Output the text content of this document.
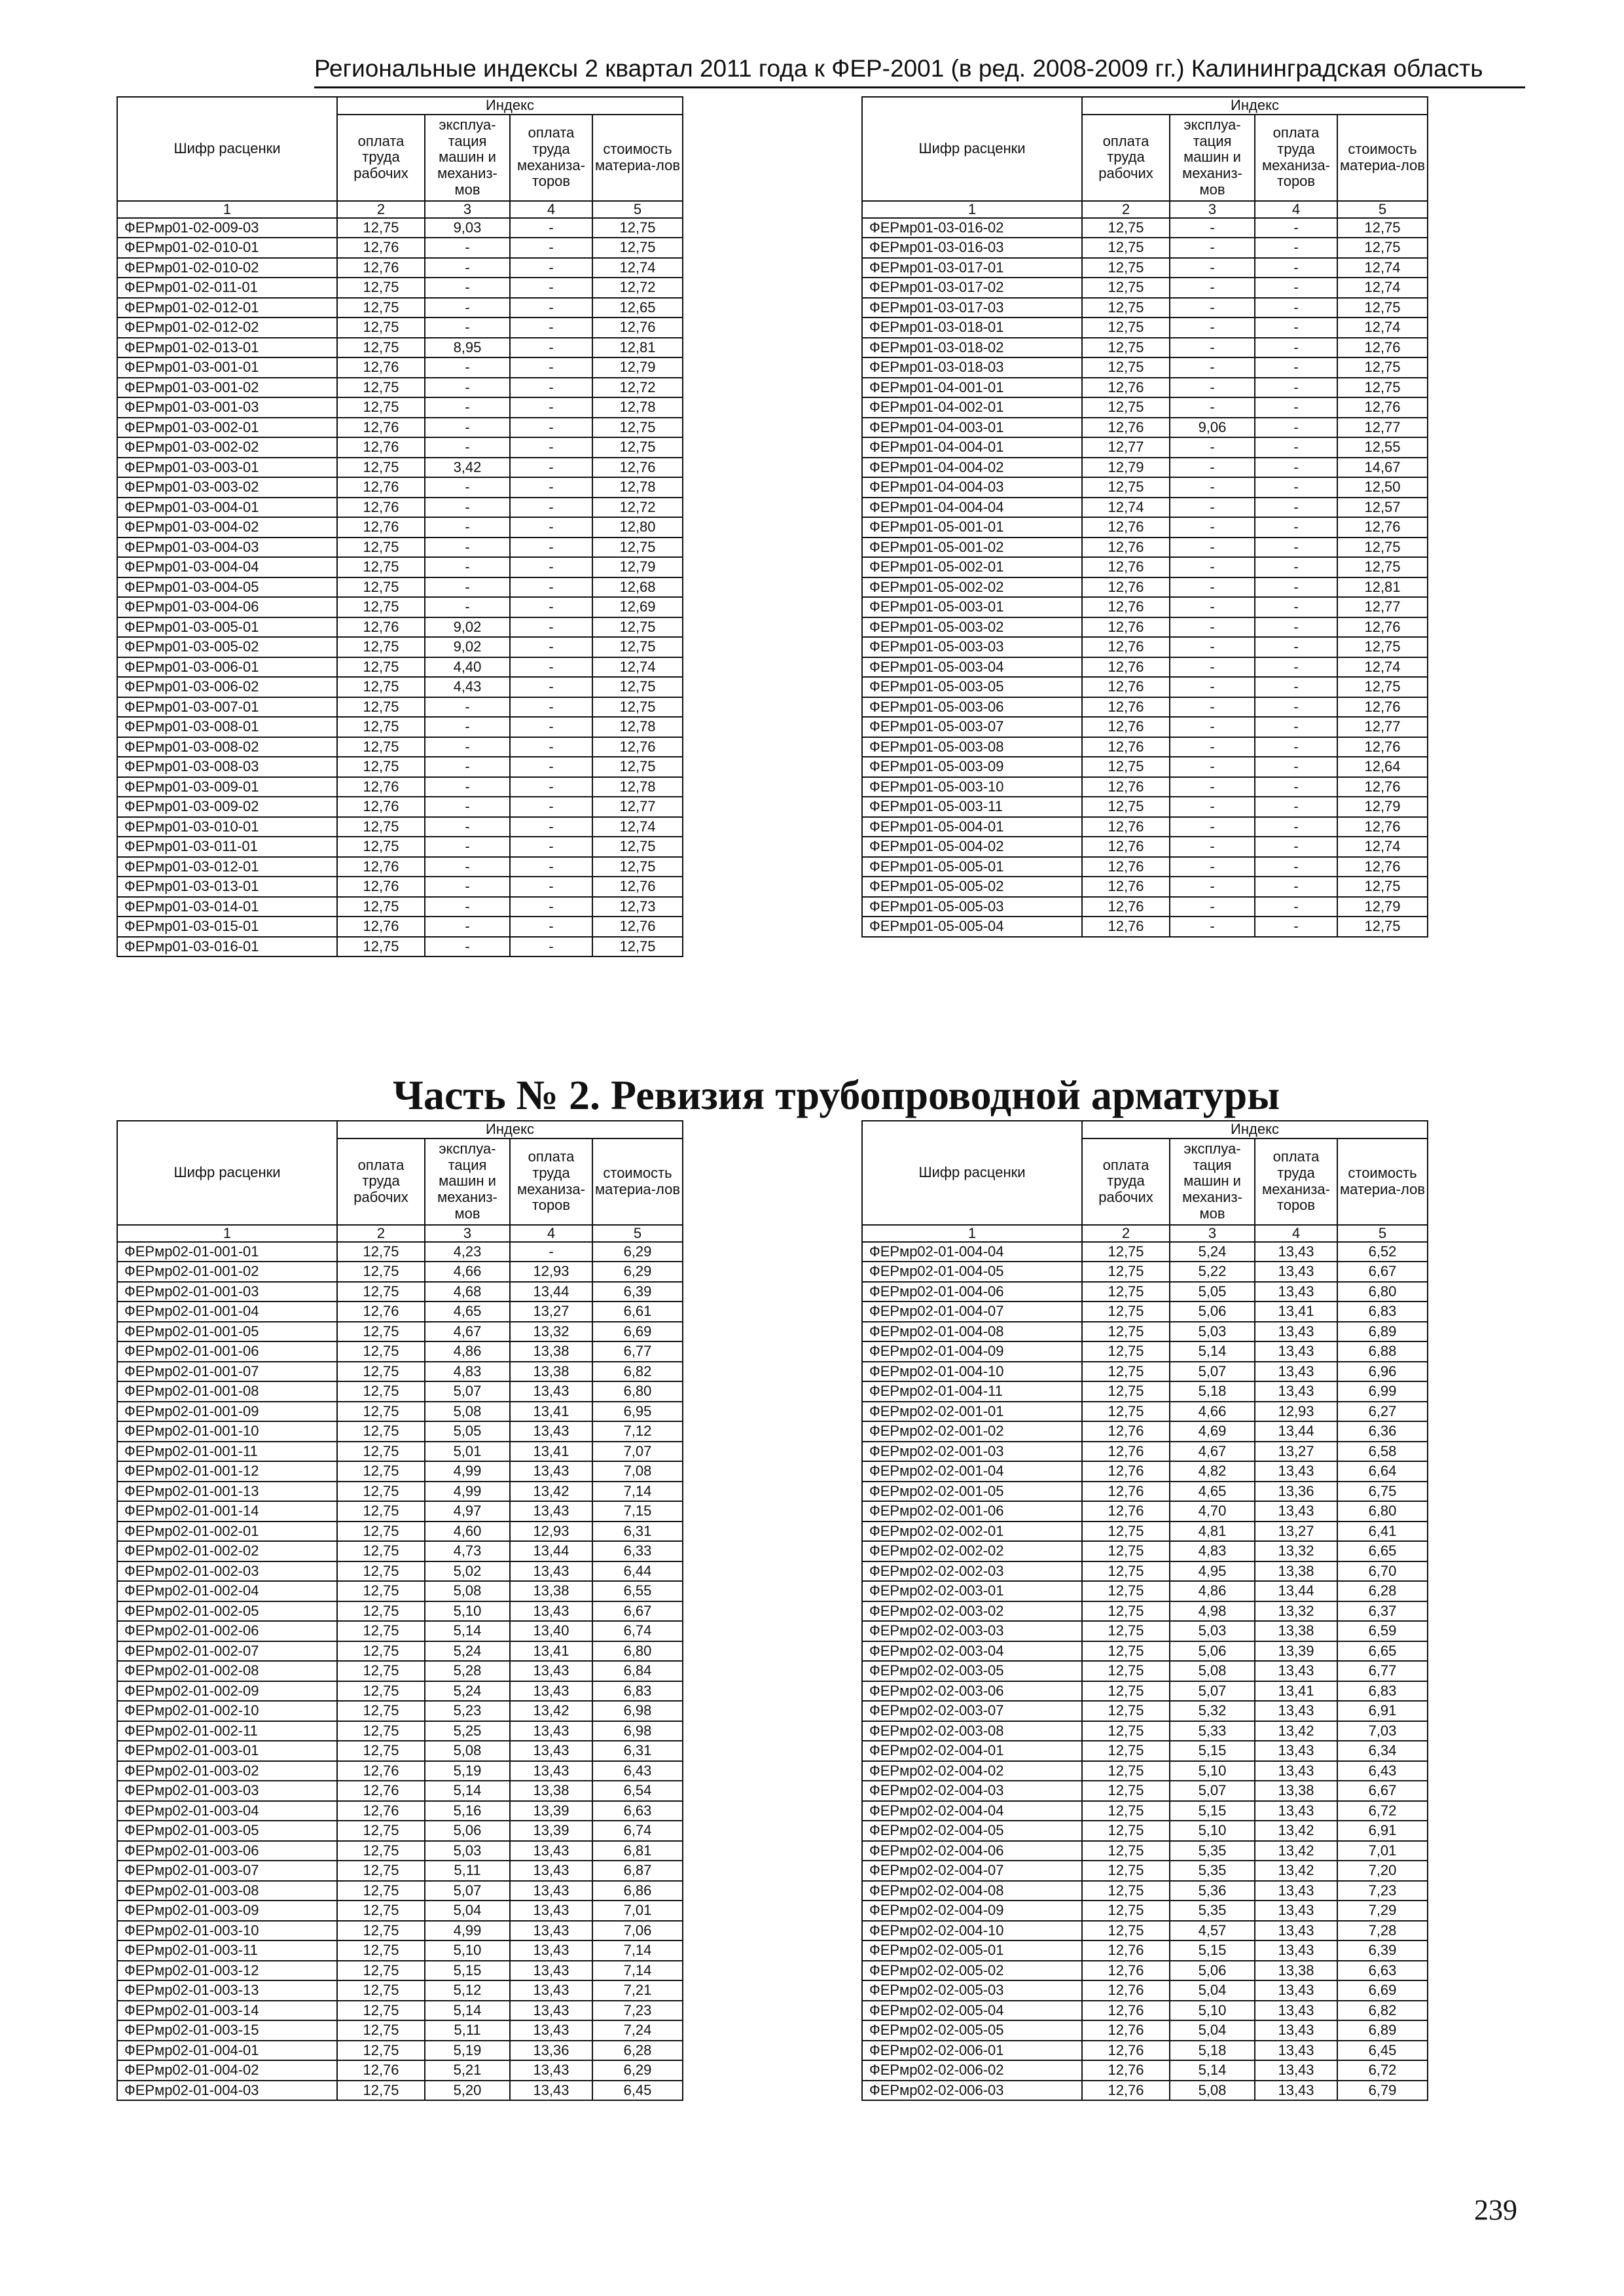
Региональные индексы 2 квартал 2011 года к ФЕР-2001 (в ред. 2008-2009 гг.) Калининградская область
Шифр расценки	Индекс			
	оплата труда рабочих	эксплуа-тация машин и механиз-мов	оплата труда механиза-торов	стоимость материа-лов
1	2	3	4	5
ФЕРмр01-02-009-03	12,75	9,03	-	12,75
ФЕРмр01-02-010-01	12,76	-	-	12,75
ФЕРмр01-02-010-02	12,76	-	-	12,74
ФЕРмр01-02-011-01	12,75	-	-	12,72
ФЕРмр01-02-012-01	12,75	-	-	12,65
ФЕРмр01-02-012-02	12,75	-	-	12,76
ФЕРмр01-02-013-01	12,75	8,95	-	12,81
ФЕРмр01-03-001-01	12,76	-	-	12,79
ФЕРмр01-03-001-02	12,75	-	-	12,72
ФЕРмр01-03-001-03	12,75	-	-	12,78
ФЕРмр01-03-002-01	12,76	-	-	12,75
ФЕРмр01-03-002-02	12,76	-	-	12,75
ФЕРмр01-03-003-01	12,75	3,42	-	12,76
ФЕРмр01-03-003-02	12,76	-	-	12,78
ФЕРмр01-03-004-01	12,76	-	-	12,72
ФЕРмр01-03-004-02	12,76	-	-	12,80
ФЕРмр01-03-004-03	12,75	-	-	12,75
ФЕРмр01-03-004-04	12,75	-	-	12,79
ФЕРмр01-03-004-05	12,75	-	-	12,68
ФЕРмр01-03-004-06	12,75	-	-	12,69
ФЕРмр01-03-005-01	12,76	9,02	-	12,75
ФЕРмр01-03-005-02	12,75	9,02	-	12,75
ФЕРмр01-03-006-01	12,75	4,40	-	12,74
ФЕРмр01-03-006-02	12,75	4,43	-	12,75
ФЕРмр01-03-007-01	12,75	-	-	12,75
ФЕРмр01-03-008-01	12,75	-	-	12,78
ФЕРмр01-03-008-02	12,75	-	-	12,76
ФЕРмр01-03-008-03	12,75	-	-	12,75
ФЕРмр01-03-009-01	12,76	-	-	12,78
ФЕРмр01-03-009-02	12,76	-	-	12,77
ФЕРмр01-03-010-01	12,75	-	-	12,74
ФЕРмр01-03-011-01	12,75	-	-	12,75
ФЕРмр01-03-012-01	12,76	-	-	12,75
ФЕРмр01-03-013-01	12,76	-	-	12,76
ФЕРмр01-03-014-01	12,75	-	-	12,73
ФЕРмр01-03-015-01	12,76	-	-	12,76
ФЕРмр01-03-016-01	12,75	-	-	12,75
Шифр расценки	Индекс			
	оплата труда рабочих	эксплуа-тация машин и механиз-мов	оплата труда механиза-торов	стоимость материа-лов
1	2	3	4	5
ФЕРмр01-03-016-02	12,75	-	-	12,75
ФЕРмр01-03-016-03	12,75	-	-	12,75
ФЕРмр01-03-017-01	12,75	-	-	12,74
ФЕРмр01-03-017-02	12,75	-	-	12,74
ФЕРмр01-03-017-03	12,75	-	-	12,75
ФЕРмр01-03-018-01	12,75	-	-	12,74
ФЕРмр01-03-018-02	12,75	-	-	12,76
ФЕРмр01-03-018-03	12,75	-	-	12,75
ФЕРмр01-04-001-01	12,76	-	-	12,75
ФЕРмр01-04-002-01	12,75	-	-	12,76
ФЕРмр01-04-003-01	12,76	9,06	-	12,77
ФЕРмр01-04-004-01	12,77	-	-	12,55
ФЕРмр01-04-004-02	12,79	-	-	14,67
ФЕРмр01-04-004-03	12,75	-	-	12,50
ФЕРмр01-04-004-04	12,74	-	-	12,57
ФЕРмр01-05-001-01	12,76	-	-	12,76
ФЕРмр01-05-001-02	12,76	-	-	12,75
ФЕРмр01-05-002-01	12,76	-	-	12,75
ФЕРмр01-05-002-02	12,76	-	-	12,81
ФЕРмр01-05-003-01	12,76	-	-	12,77
ФЕРмр01-05-003-02	12,76	-	-	12,76
ФЕРмр01-05-003-03	12,76	-	-	12,75
ФЕРмр01-05-003-04	12,76	-	-	12,74
ФЕРмр01-05-003-05	12,76	-	-	12,75
ФЕРмр01-05-003-06	12,76	-	-	12,76
ФЕРмр01-05-003-07	12,76	-	-	12,77
ФЕРмр01-05-003-08	12,76	-	-	12,76
ФЕРмр01-05-003-09	12,75	-	-	12,64
ФЕРмр01-05-003-10	12,76	-	-	12,76
ФЕРмр01-05-003-11	12,75	-	-	12,79
ФЕРмр01-05-004-01	12,76	-	-	12,76
ФЕРмр01-05-004-02	12,76	-	-	12,74
ФЕРмр01-05-005-01	12,76	-	-	12,76
ФЕРмр01-05-005-02	12,76	-	-	12,75
ФЕРмр01-05-005-03	12,76	-	-	12,79
ФЕРмр01-05-005-04	12,76	-	-	12,75
Часть № 2. Ревизия трубопроводной арматуры
Шифр расценки	Индекс			
	оплата труда рабочих	эксплуа-тация машин и механиз-мов	оплата труда механиза-торов	стоимость материа-лов
1	2	3	4	5
ФЕРмр02-01-001-01	12,75	4,23	-	6,29
ФЕРмр02-01-001-02	12,75	4,66	12,93	6,29
ФЕРмр02-01-001-03	12,75	4,68	13,44	6,39
ФЕРмр02-01-001-04	12,76	4,65	13,27	6,61
ФЕРмр02-01-001-05	12,75	4,67	13,32	6,69
ФЕРмр02-01-001-06	12,75	4,86	13,38	6,77
ФЕРмр02-01-001-07	12,75	4,83	13,38	6,82
ФЕРмр02-01-001-08	12,75	5,07	13,43	6,80
ФЕРмр02-01-001-09	12,75	5,08	13,41	6,95
ФЕРмр02-01-001-10	12,75	5,05	13,43	7,12
ФЕРмр02-01-001-11	12,75	5,01	13,41	7,07
ФЕРмр02-01-001-12	12,75	4,99	13,43	7,08
ФЕРмр02-01-001-13	12,75	4,99	13,42	7,14
ФЕРмр02-01-001-14	12,75	4,97	13,43	7,15
ФЕРмр02-01-002-01	12,75	4,60	12,93	6,31
ФЕРмр02-01-002-02	12,75	4,73	13,44	6,33
ФЕРмр02-01-002-03	12,75	5,02	13,43	6,44
ФЕРмр02-01-002-04	12,75	5,08	13,38	6,55
ФЕРмр02-01-002-05	12,75	5,10	13,43	6,67
ФЕРмр02-01-002-06	12,75	5,14	13,40	6,74
ФЕРмр02-01-002-07	12,75	5,24	13,41	6,80
ФЕРмр02-01-002-08	12,75	5,28	13,43	6,84
ФЕРмр02-01-002-09	12,75	5,24	13,43	6,83
ФЕРмр02-01-002-10	12,75	5,23	13,42	6,98
ФЕРмр02-01-002-11	12,75	5,25	13,43	6,98
ФЕРмр02-01-003-01	12,75	5,08	13,43	6,31
ФЕРмр02-01-003-02	12,76	5,19	13,43	6,43
ФЕРмр02-01-003-03	12,76	5,14	13,38	6,54
ФЕРмр02-01-003-04	12,76	5,16	13,39	6,63
ФЕРмр02-01-003-05	12,75	5,06	13,39	6,74
ФЕРмр02-01-003-06	12,75	5,03	13,43	6,81
ФЕРмр02-01-003-07	12,75	5,11	13,43	6,87
ФЕРмр02-01-003-08	12,75	5,07	13,43	6,86
ФЕРмр02-01-003-09	12,75	5,04	13,43	7,01
ФЕРмр02-01-003-10	12,75	4,99	13,43	7,06
ФЕРмр02-01-003-11	12,75	5,10	13,43	7,14
ФЕРмр02-01-003-12	12,75	5,15	13,43	7,14
ФЕРмр02-01-003-13	12,75	5,12	13,43	7,21
ФЕРмр02-01-003-14	12,75	5,14	13,43	7,23
ФЕРмр02-01-003-15	12,75	5,11	13,43	7,24
ФЕРмр02-01-004-01	12,75	5,19	13,36	6,28
ФЕРмр02-01-004-02	12,76	5,21	13,43	6,29
ФЕРмр02-01-004-03	12,75	5,20	13,43	6,45
Шифр расценки	Индекс			
	оплата труда рабочих	эксплуа-тация машин и механиз-мов	оплата труда механиза-торов	стоимость материа-лов
1	2	3	4	5
ФЕРмр02-01-004-04	12,75	5,24	13,43	6,52
ФЕРмр02-01-004-05	12,75	5,22	13,43	6,67
ФЕРмр02-01-004-06	12,75	5,05	13,43	6,80
ФЕРмр02-01-004-07	12,75	5,06	13,41	6,83
ФЕРмр02-01-004-08	12,75	5,03	13,43	6,89
ФЕРмр02-01-004-09	12,75	5,14	13,43	6,88
ФЕРмр02-01-004-10	12,75	5,07	13,43	6,96
ФЕРмр02-01-004-11	12,75	5,18	13,43	6,99
ФЕРмр02-02-001-01	12,75	4,66	12,93	6,27
ФЕРмр02-02-001-02	12,76	4,69	13,44	6,36
ФЕРмр02-02-001-03	12,76	4,67	13,27	6,58
ФЕРмр02-02-001-04	12,76	4,82	13,43	6,64
ФЕРмр02-02-001-05	12,76	4,65	13,36	6,75
ФЕРмр02-02-001-06	12,76	4,70	13,43	6,80
ФЕРмр02-02-002-01	12,75	4,81	13,27	6,41
ФЕРмр02-02-002-02	12,75	4,83	13,32	6,65
ФЕРмр02-02-002-03	12,75	4,95	13,38	6,70
ФЕРмр02-02-003-01	12,75	4,86	13,44	6,28
ФЕРмр02-02-003-02	12,75	4,98	13,32	6,37
ФЕРмр02-02-003-03	12,75	5,03	13,38	6,59
ФЕРмр02-02-003-04	12,75	5,06	13,39	6,65
ФЕРмр02-02-003-05	12,75	5,08	13,43	6,77
ФЕРмр02-02-003-06	12,75	5,07	13,41	6,83
ФЕРмр02-02-003-07	12,75	5,32	13,43	6,91
ФЕРмр02-02-003-08	12,75	5,33	13,42	7,03
ФЕРмр02-02-004-01	12,75	5,15	13,43	6,34
ФЕРмр02-02-004-02	12,75	5,10	13,43	6,43
ФЕРмр02-02-004-03	12,75	5,07	13,38	6,67
ФЕРмр02-02-004-04	12,75	5,15	13,43	6,72
ФЕРмр02-02-004-05	12,75	5,10	13,42	6,91
ФЕРмр02-02-004-06	12,75	5,35	13,42	7,01
ФЕРмр02-02-004-07	12,75	5,35	13,42	7,20
ФЕРмр02-02-004-08	12,75	5,36	13,43	7,23
ФЕРмр02-02-004-09	12,75	5,35	13,43	7,29
ФЕРмр02-02-004-10	12,75	4,57	13,43	7,28
ФЕРмр02-02-005-01	12,76	5,15	13,43	6,39
ФЕРмр02-02-005-02	12,76	5,06	13,38	6,63
ФЕРмр02-02-005-03	12,76	5,04	13,43	6,69
ФЕРмр02-02-005-04	12,76	5,10	13,43	6,82
ФЕРмр02-02-005-05	12,76	5,04	13,43	6,89
ФЕРмр02-02-006-01	12,76	5,18	13,43	6,45
ФЕРмр02-02-006-02	12,76	5,14	13,43	6,72
ФЕРмр02-02-006-03	12,76	5,08	13,43	6,79
239
